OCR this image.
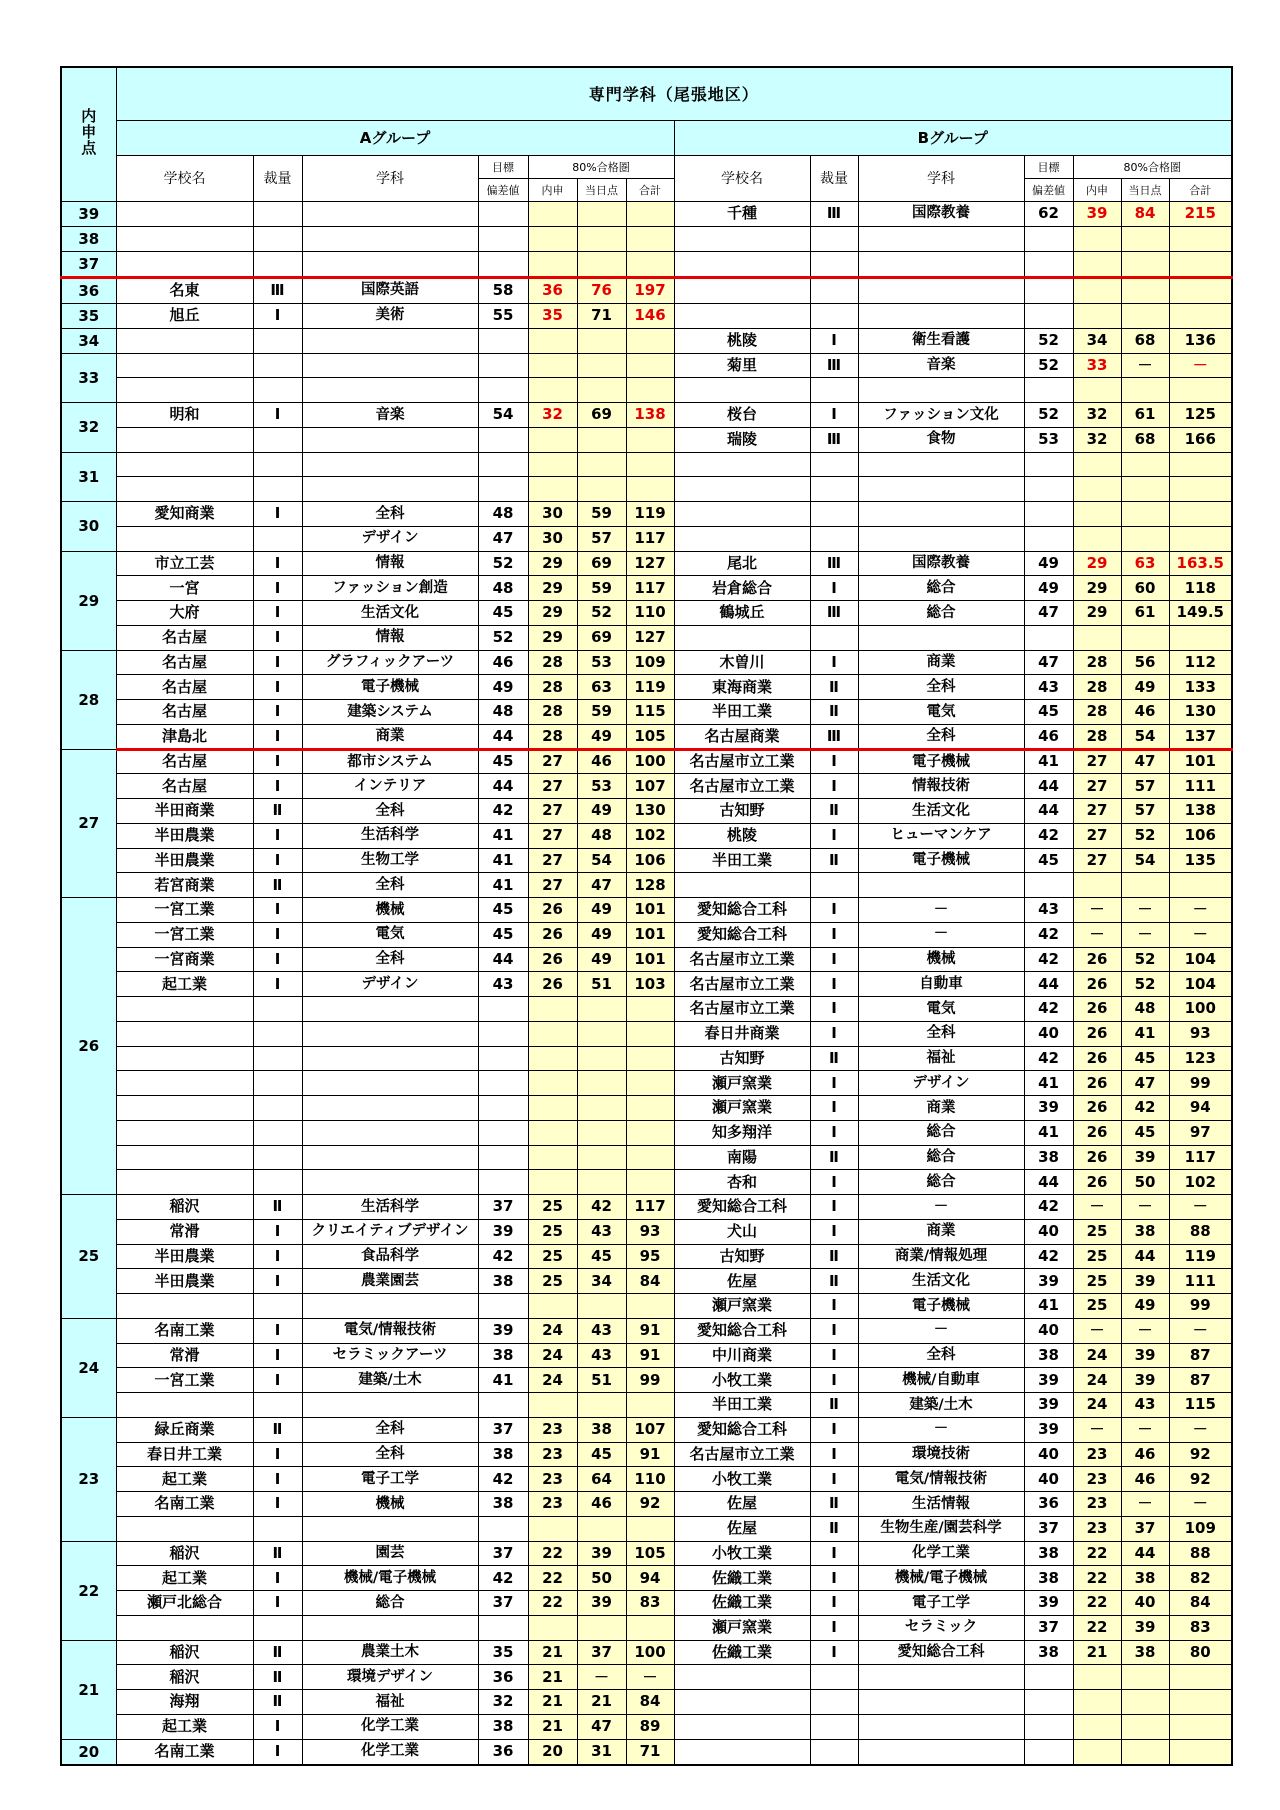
内申点	専門学科（尾張地区）													
	Aグループ							Bグループ						
	学校名	裁量	学科	目標	80%合格圏			学校名	裁量	学科	目標	80%合格圏		
				偏差値	内申	当日点	合計				偏差値	内申	当日点	合計
39								千種	Ⅲ	国際教養	62	39	84	215
38														
37														
36	名東	Ⅲ	国際英語	58	36	76	197							
35	旭丘	Ⅰ	美術	55	35	71	146							
34								桃陵	Ⅰ	衛生看護	52	34	68	136
33								菊里	Ⅲ	音楽	52	33	－	－

32	明和	Ⅰ	音楽	54	32	69	138	桜台	Ⅰ	ファッション文化	52	32	61	125
								瑞陵	Ⅲ	食物	53	32	68	166
31														

30	愛知商業	Ⅰ	全科	48	30	59	119							
			デザイン	47	30	57	117							
29	市立工芸	Ⅰ	情報	52	29	69	127	尾北	Ⅲ	国際教養	49	29	63	163.5
	一宮	Ⅰ	ファッション創造	48	29	59	117	岩倉総合	Ⅰ	総合	49	29	60	118
	大府	Ⅰ	生活文化	45	29	52	110	鶴城丘	Ⅲ	総合	47	29	61	149.5
	名古屋	Ⅰ	情報	52	29	69	127							
28	名古屋	Ⅰ	グラフィックアーツ	46	28	53	109	木曽川	Ⅰ	商業	47	28	56	112
	名古屋	Ⅰ	電子機械	49	28	63	119	東海商業	Ⅱ	全科	43	28	49	133
	名古屋	Ⅰ	建築システム	48	28	59	115	半田工業	Ⅱ	電気	45	28	46	130
	津島北	Ⅰ	商業	44	28	49	105	名古屋商業	Ⅲ	全科	46	28	54	137
27	名古屋	Ⅰ	都市システム	45	27	46	100	名古屋市立工業	Ⅰ	電子機械	41	27	47	101
	名古屋	Ⅰ	インテリア	44	27	53	107	名古屋市立工業	Ⅰ	情報技術	44	27	57	111
	半田商業	Ⅱ	全科	42	27	49	130	古知野	Ⅱ	生活文化	44	27	57	138
	半田農業	Ⅰ	生活科学	41	27	48	102	桃陵	Ⅰ	ヒューマンケア	42	27	52	106
	半田農業	Ⅰ	生物工学	41	27	54	106	半田工業	Ⅱ	電子機械	45	27	54	135
	若宮商業	Ⅱ	全科	41	27	47	128							
26	一宮工業	Ⅰ	機械	45	26	49	101	愛知総合工科	Ⅰ	－	43	－	－	－
	一宮工業	Ⅰ	電気	45	26	49	101	愛知総合工科	Ⅰ	－	42	－	－	－
	一宮商業	Ⅰ	全科	44	26	49	101	名古屋市立工業	Ⅰ	機械	42	26	52	104
	起工業	Ⅰ	デザイン	43	26	51	103	名古屋市立工業	Ⅰ	自動車	44	26	52	104
								名古屋市立工業	Ⅰ	電気	42	26	48	100
								春日井商業	Ⅰ	全科	40	26	41	93
								古知野	Ⅱ	福祉	42	26	45	123
								瀬戸窯業	Ⅰ	デザイン	41	26	47	99
								瀬戸窯業	Ⅰ	商業	39	26	42	94
								知多翔洋	Ⅰ	総合	41	26	45	97
								南陽	Ⅱ	総合	38	26	39	117
								杏和	Ⅰ	総合	44	26	50	102
25	稲沢	Ⅱ	生活科学	37	25	42	117	愛知総合工科	Ⅰ	－	42	－	－	－
	常滑	Ⅰ	クリエイティブデザイン	39	25	43	93	犬山	Ⅰ	商業	40	25	38	88
	半田農業	Ⅰ	食品科学	42	25	45	95	古知野	Ⅱ	商業/情報処理	42	25	44	119
	半田農業	Ⅰ	農業園芸	38	25	34	84	佐屋	Ⅱ	生活文化	39	25	39	111
								瀬戸窯業	Ⅰ	電子機械	41	25	49	99
24	名南工業	Ⅰ	電気/情報技術	39	24	43	91	愛知総合工科	Ⅰ	－	40	－	－	－
	常滑	Ⅰ	セラミックアーツ	38	24	43	91	中川商業	Ⅰ	全科	38	24	39	87
	一宮工業	Ⅰ	建築/土木	41	24	51	99	小牧工業	Ⅰ	機械/自動車	39	24	39	87
								半田工業	Ⅱ	建築/土木	39	24	43	115
23	緑丘商業	Ⅱ	全科	37	23	38	107	愛知総合工科	Ⅰ	－	39	－	－	－
	春日井工業	Ⅰ	全科	38	23	45	91	名古屋市立工業	Ⅰ	環境技術	40	23	46	92
	起工業	Ⅰ	電子工学	42	23	64	110	小牧工業	Ⅰ	電気/情報技術	40	23	46	92
	名南工業	Ⅰ	機械	38	23	46	92	佐屋	Ⅱ	生活情報	36	23	－	－
								佐屋	Ⅱ	生物生産/園芸科学	37	23	37	109
22	稲沢	Ⅱ	園芸	37	22	39	105	小牧工業	Ⅰ	化学工業	38	22	44	88
	起工業	Ⅰ	機械/電子機械	42	22	50	94	佐織工業	Ⅰ	機械/電子機械	38	22	38	82
	瀬戸北総合	Ⅰ	総合	37	22	39	83	佐織工業	Ⅰ	電子工学	39	22	40	84
								瀬戸窯業	Ⅰ	セラミック	37	22	39	83
21	稲沢	Ⅱ	農業土木	35	21	37	100	佐織工業	Ⅰ	愛知総合工科	38	21	38	80
	稲沢	Ⅱ	環境デザイン	36	21	－	－							
	海翔	Ⅱ	福祉	32	21	21	84							
	起工業	Ⅰ	化学工業	38	21	47	89							
20	名南工業	Ⅰ	化学工業	36	20	31	71							
